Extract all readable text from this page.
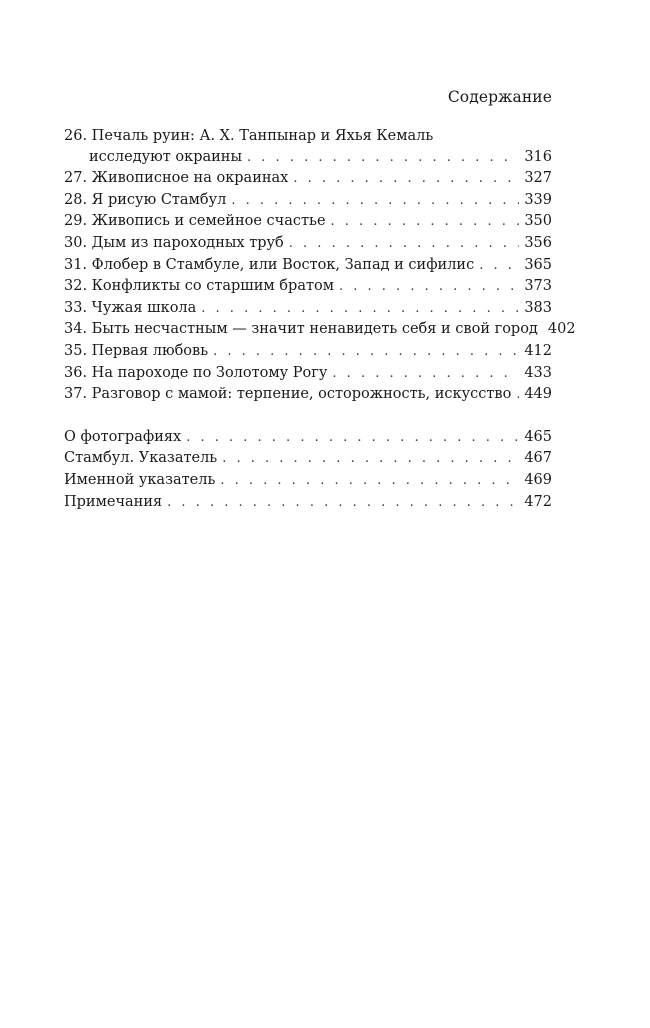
Содержание
26. Печаль руин: А. Х. Танпынар и Яхья Кемаль
исследуют окраины . . .	316
27. Живописное на окраинах . . .	327
28. Я рисую Стамбул . . .	339
29. Живопись и семейное счастье . . .	350
30. Дым из пароходных труб . . .	356
31. Флобер в Стамбуле, или Восток, Запад и сифилис . . .	365
32. Конфликты со старшим братом . . .	373
33. Чужая школа . . .	383
34. Быть несчастным — значит ненавидеть себя и свой город 402
35. Первая любовь . . .	412
36. На пароходе по Золотому Рогу . . .	433
37. Разговор с мамой: терпение, осторожность, искусство . . . 449
О фотографиях . . .	465
Стамбул. Указатель . . .	467
Именной указатель . . .	469
Примечания . . .	472
